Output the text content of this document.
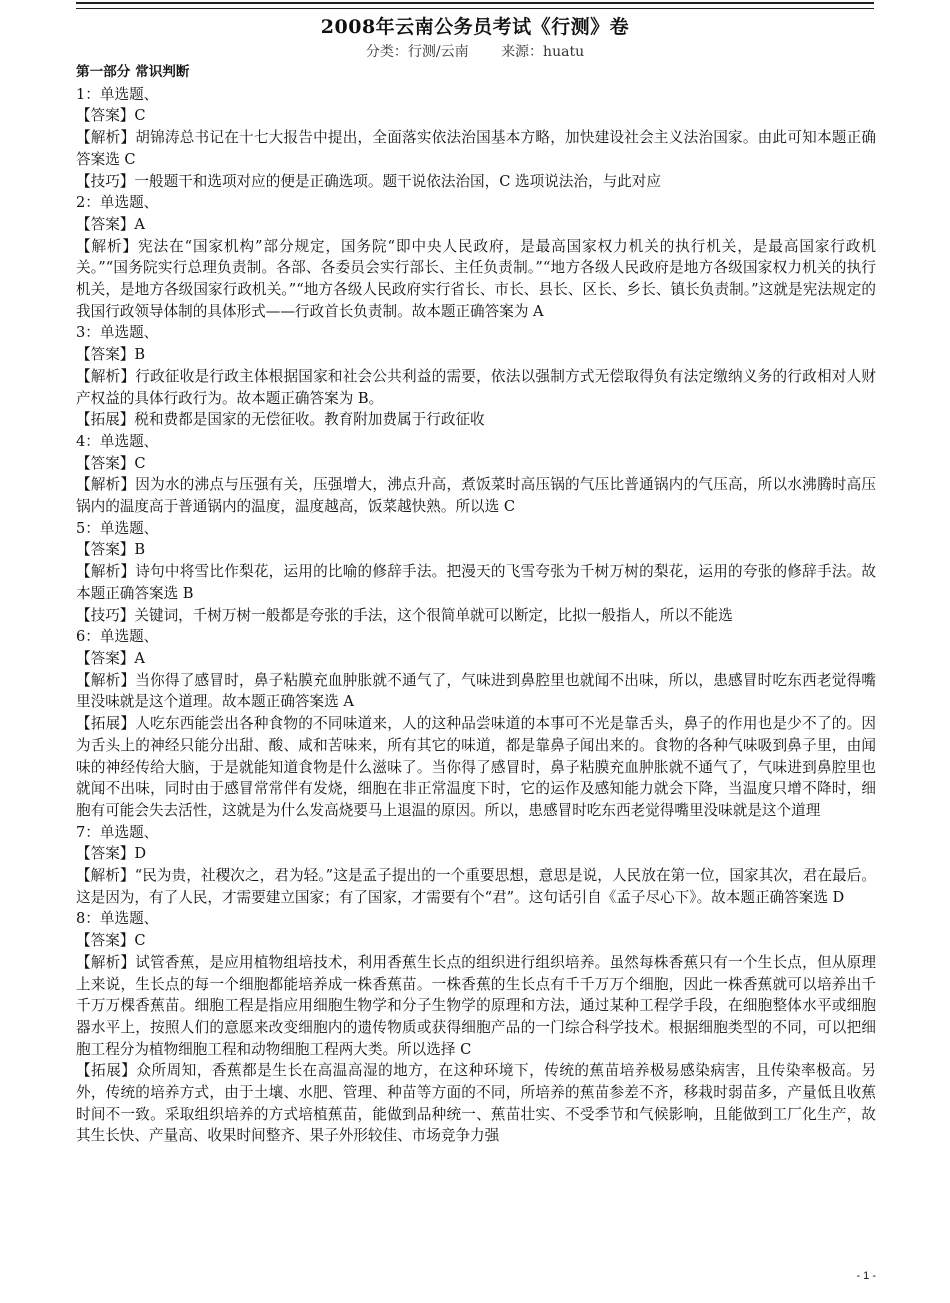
2008年云南公务员考试《行测》卷
分类：行测/云南 来源：huatu
第一部分 常识判断
1：单选题、
【答案】C
【解析】胡锦涛总书记在十七大报告中提出，全面落实依法治国基本方略，加快建设社会主义法治国家。由此可知本题正确答案选 C
【技巧】一般题干和选项对应的便是正确选项。题干说依法治国，C 选项说法治，与此对应
2：单选题、
【答案】A
【解析】宪法在“国家机构”部分规定，国务院“即中央人民政府，是最高国家权力机关的执行机关，是最高国家行政机关。”“国务院实行总理负责制。各部、各委员会实行部长、主任负责制。”“地方各级人民政府是地方各级国家权力机关的执行机关，是地方各级国家行政机关。”“地方各级人民政府实行省长、市长、县长、区长、乡长、镇长负责制。”这就是宪法规定的我国行政领导体制的具体形式——行政首长负责制。故本题正确答案为 A
3：单选题、
【答案】B
【解析】行政征收是行政主体根据国家和社会公共利益的需要，依法以强制方式无偿取得负有法定缴纳义务的行政相对人财产权益的具体行政行为。故本题正确答案为 B。
【拓展】税和费都是国家的无偿征收。教育附加费属于行政征收
4：单选题、
【答案】C
【解析】因为水的沸点与压强有关，压强增大，沸点升高，煮饭菜时高压锅的气压比普通锅内的气压高，所以水沸腾时高压锅内的温度高于普通锅内的温度，温度越高，饭菜越快熟。所以选 C
5：单选题、
【答案】B
【解析】诗句中将雪比作梨花，运用的比喻的修辞手法。把漫天的飞雪夸张为千树万树的梨花，运用的夸张的修辞手法。故本题正确答案选 B
【技巧】关键词，千树万树一般都是夸张的手法，这个很简单就可以断定，比拟一般指人，所以不能选
6：单选题、
【答案】A
【解析】当你得了感冒时，鼻子粘膜充血肿胀就不通气了，气味进到鼻腔里也就闻不出味，所以，患感冒时吃东西老觉得嘴里没味就是这个道理。故本题正确答案选 A
【拓展】人吃东西能尝出各种食物的不同味道来，人的这种品尝味道的本事可不光是靠舌头，鼻子的作用也是少不了的。因为舌头上的神经只能分出甜、酸、咸和苦味来，所有其它的味道，都是靠鼻子闻出来的。食物的各种气味吸到鼻子里，由闻味的神经传给大脑，于是就能知道食物是什么滋味了。当你得了感冒时，鼻子粘膜充血肿胀就不通气了，气味进到鼻腔里也就闻不出味，同时由于感冒常常伴有发烧，细胞在非正常温度下时，它的运作及感知能力就会下降，当温度只增不降时，细胞有可能会失去活性，这就是为什么发高烧要马上退温的原因。所以，患感冒时吃东西老觉得嘴里没味就是这个道理
7：单选题、
【答案】D
【解析】“民为贵，社稷次之，君为轻。”这是孟子提出的一个重要思想，意思是说，人民放在第一位，国家其次，君在最后。这是因为，有了人民，才需要建立国家；有了国家，才需要有个“君”。这句话引自《孟子尽心下》。故本题正确答案选 D
8：单选题、
【答案】C
【解析】试管香蕉，是应用植物组培技术，利用香蕉生长点的组织进行组织培养。虽然每株香蕉只有一个生长点，但从原理上来说，生长点的每一个细胞都能培养成一株香蕉苗。一株香蕉的生长点有千千万万个细胞，因此一株香蕉就可以培养出千千万万棵香蕉苗。细胞工程是指应用细胞生物学和分子生物学的原理和方法，通过某种工程学手段，在细胞整体水平或细胞器水平上，按照人们的意愿来改变细胞内的遗传物质或获得细胞产品的一门综合科学技术。根据细胞类型的不同，可以把细胞工程分为植物细胞工程和动物细胞工程两大类。所以选择 C
【拓展】众所周知，香蕉都是生长在高温高湿的地方，在这种环境下，传统的蕉苗培养极易感染病害，且传染率极高。另外，传统的培养方式，由于土壤、水肥、管理、种苗等方面的不同，所培养的蕉苗参差不齐，移栽时弱苗多，产量低且收蕉时间不一致。采取组织培养的方式培植蕉苗，能做到品种统一、蕉苗壮实、不受季节和气候影响，且能做到工厂化生产，故其生长快、产量高、收果时间整齐、果子外形较佳、市场竞争力强
- 1 -
